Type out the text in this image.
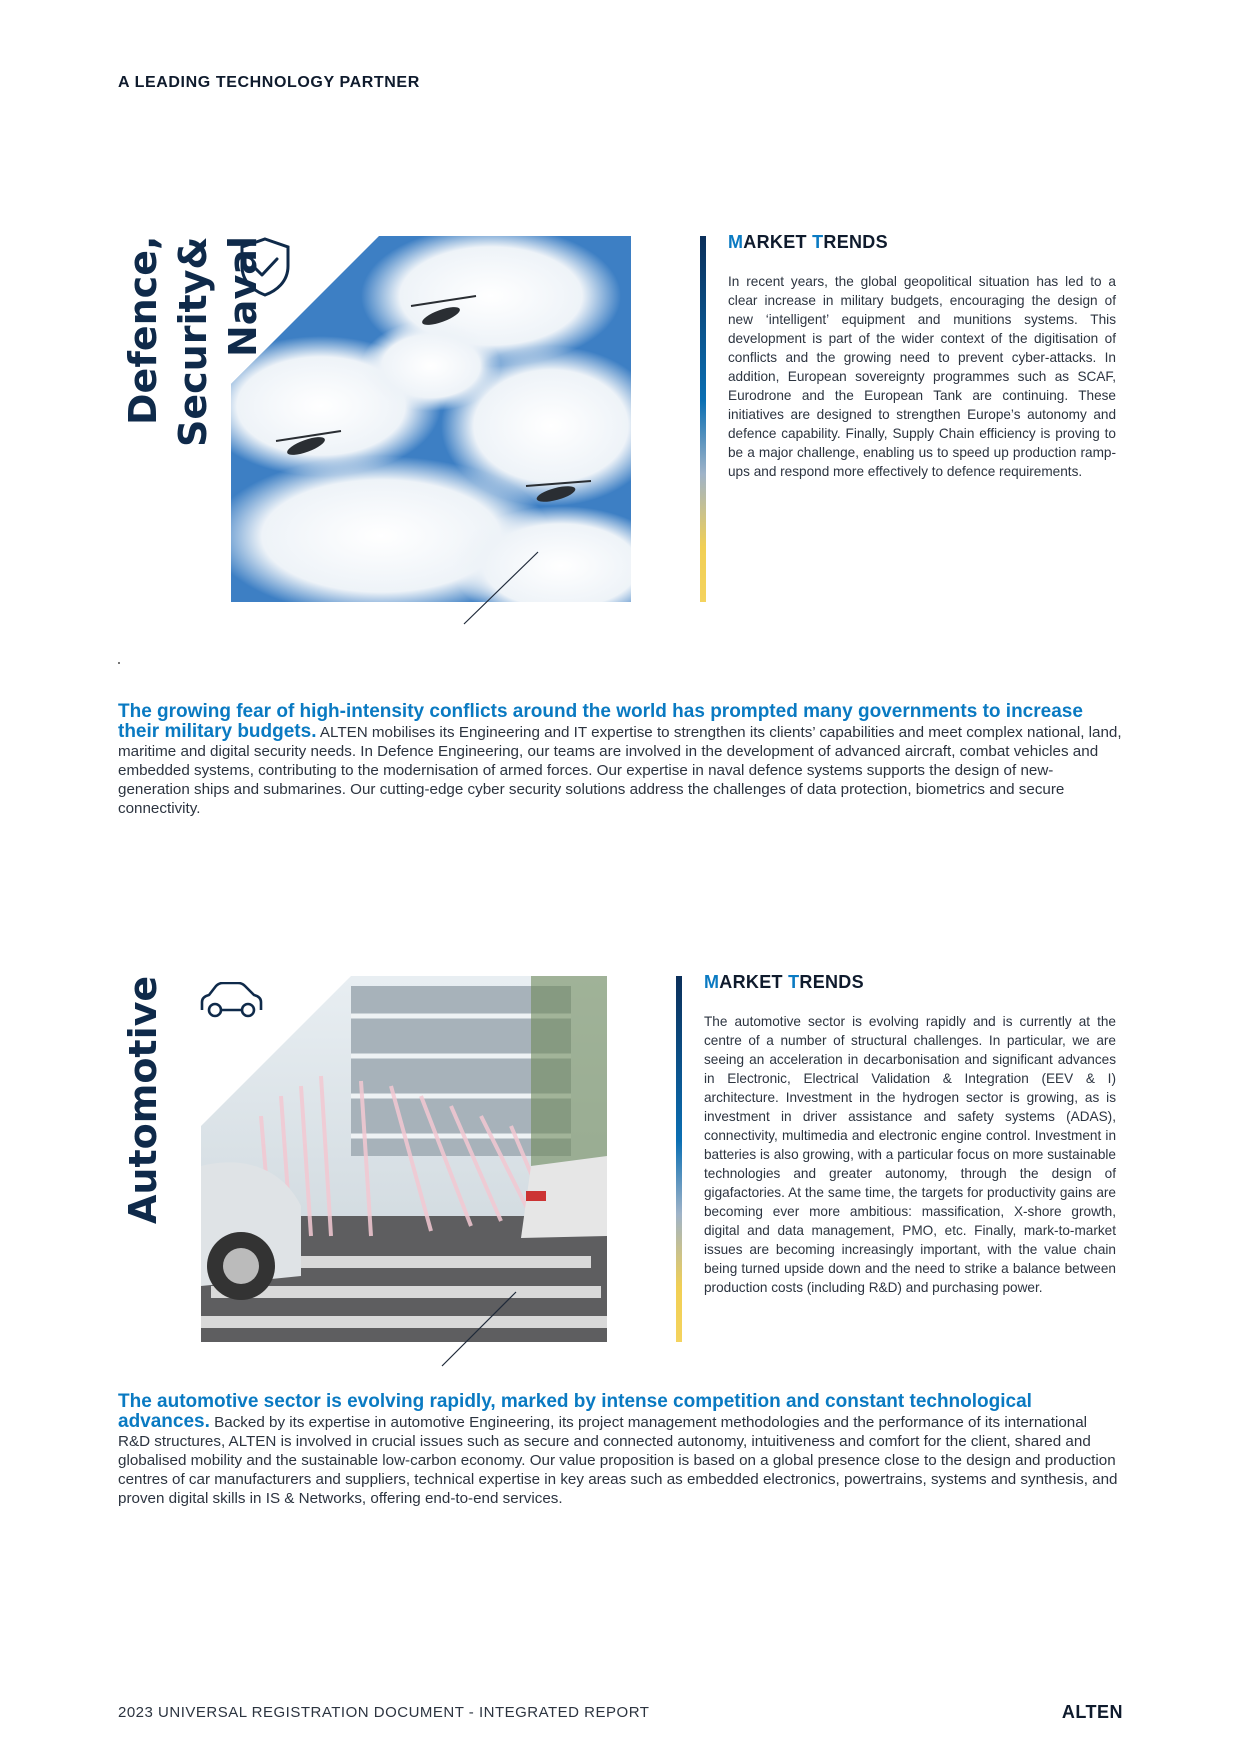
A LEADING TECHNOLOGY PARTNER
Defence,
Security& Naval	MARKET TRENDS
In recent years, the global geopolitical situation has led to a clear increase in military budgets, encouraging the design of new ‘intelligent’ equipment and munitions systems. This development is part of the wider context of the digitisation of conflicts and the growing need to prevent cyber-attacks. In addition, European sovereignty programmes such as SCAF, Eurodrone and the European Tank are continuing. These initiatives are designed to strengthen Europe’s autonomy and defence capability. Finally, Supply Chain efficiency is proving to be a major challenge, enabling us to speed up production ramp-ups and respond more effectively to defence requirements.
The growing fear of high-intensity conflicts around the world has prompted many governments to increase their military budgets. ALTEN mobilises its Engineering and IT expertise to strengthen its clients’ capabilities and meet complex national, land, maritime and digital security needs. In Defence Engineering, our teams are involved in the development of advanced aircraft, combat vehicles and embedded systems, contributing to the modernisation of armed forces. Our expertise in naval defence systems supports the design of new-generation ships and submarines. Our cutting-edge cyber security solutions address the challenges of data protection, biometrics and secure connectivity.
Automotive	MARKET TRENDS
The automotive sector is evolving rapidly and is currently at the centre of a number of structural challenges. In particular, we are seeing an acceleration in decarbonisation and significant advances in Electronic, Electrical Validation & Integration (EEV & I) architecture. Investment in the hydrogen sector is growing, as is investment in driver assistance and safety systems (ADAS), connectivity, multimedia and electronic engine control. Investment in batteries is also growing, with a particular focus on more sustainable technologies and greater autonomy, through the design of gigafactories. At the same time, the targets for productivity gains are becoming ever more ambitious: massification, X-shore growth, digital and data management, PMO, etc. Finally, mark-to-market issues are becoming increasingly important, with the value chain being turned upside down and the need to strike a balance between production costs (including R&D) and purchasing power.
The automotive sector is evolving rapidly, marked by intense competition and constant technological advances. Backed by its expertise in automotive Engineering, its project management methodologies and the performance of its international R&D structures, ALTEN is involved in crucial issues such as secure and connected autonomy, intuitiveness and comfort for the client, shared and globalised mobility and the sustainable low-carbon economy. Our value proposition is based on a global presence close to the design and production centres of car manufacturers and suppliers, technical expertise in key areas such as embedded electronics, powertrains, systems and synthesis, and proven digital skills in IS & Networks, offering end-to-end services.
2023 UNIVERSAL REGISTRATION DOCUMENT - INTEGRATED REPORT	ALTEN
